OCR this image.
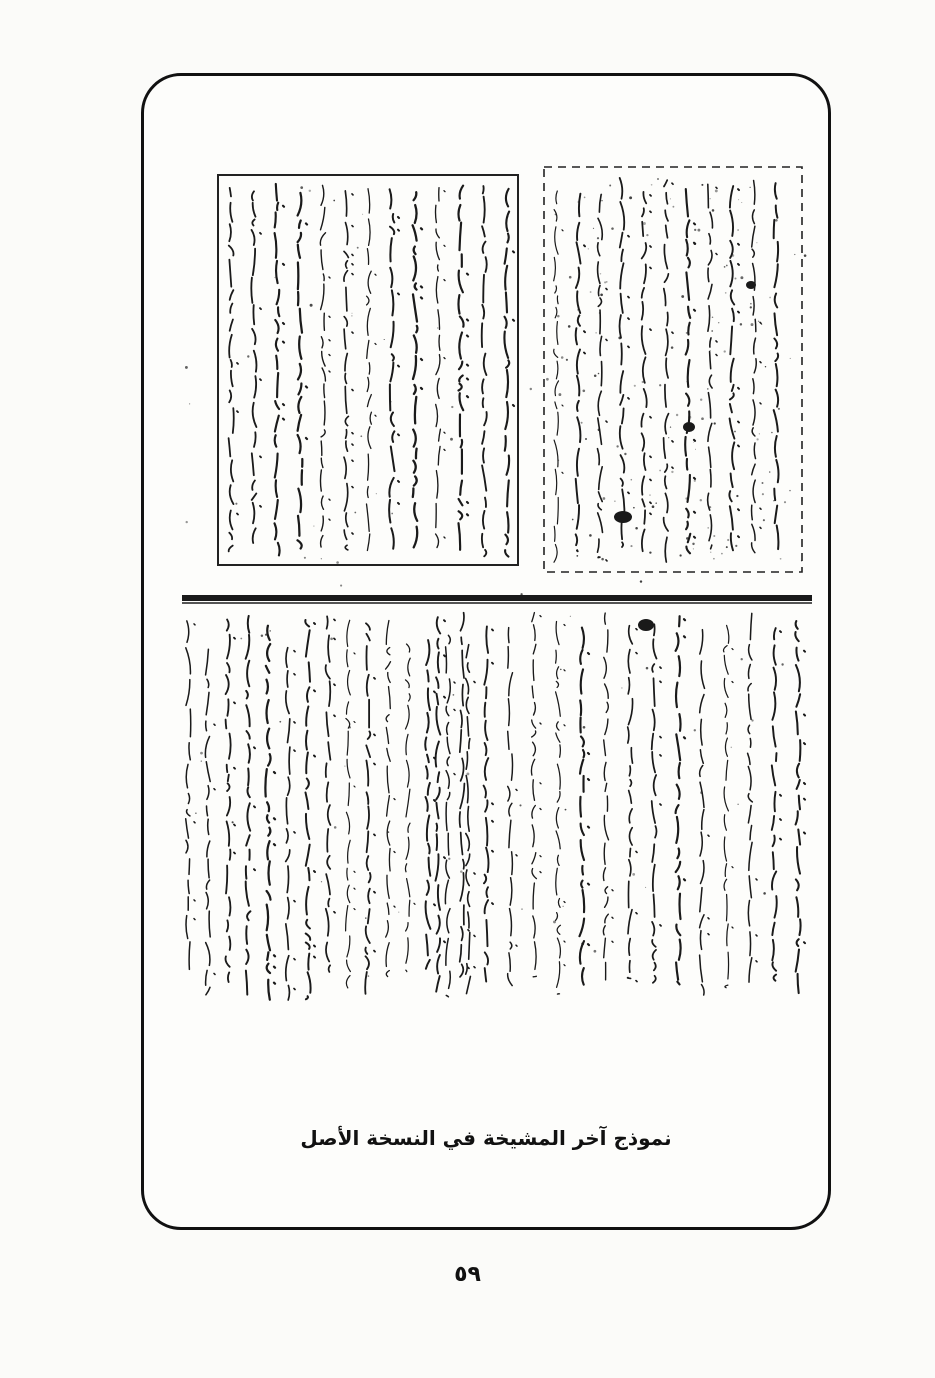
نموذج آخر المشيخة في النسخة الأصل
٥٩
